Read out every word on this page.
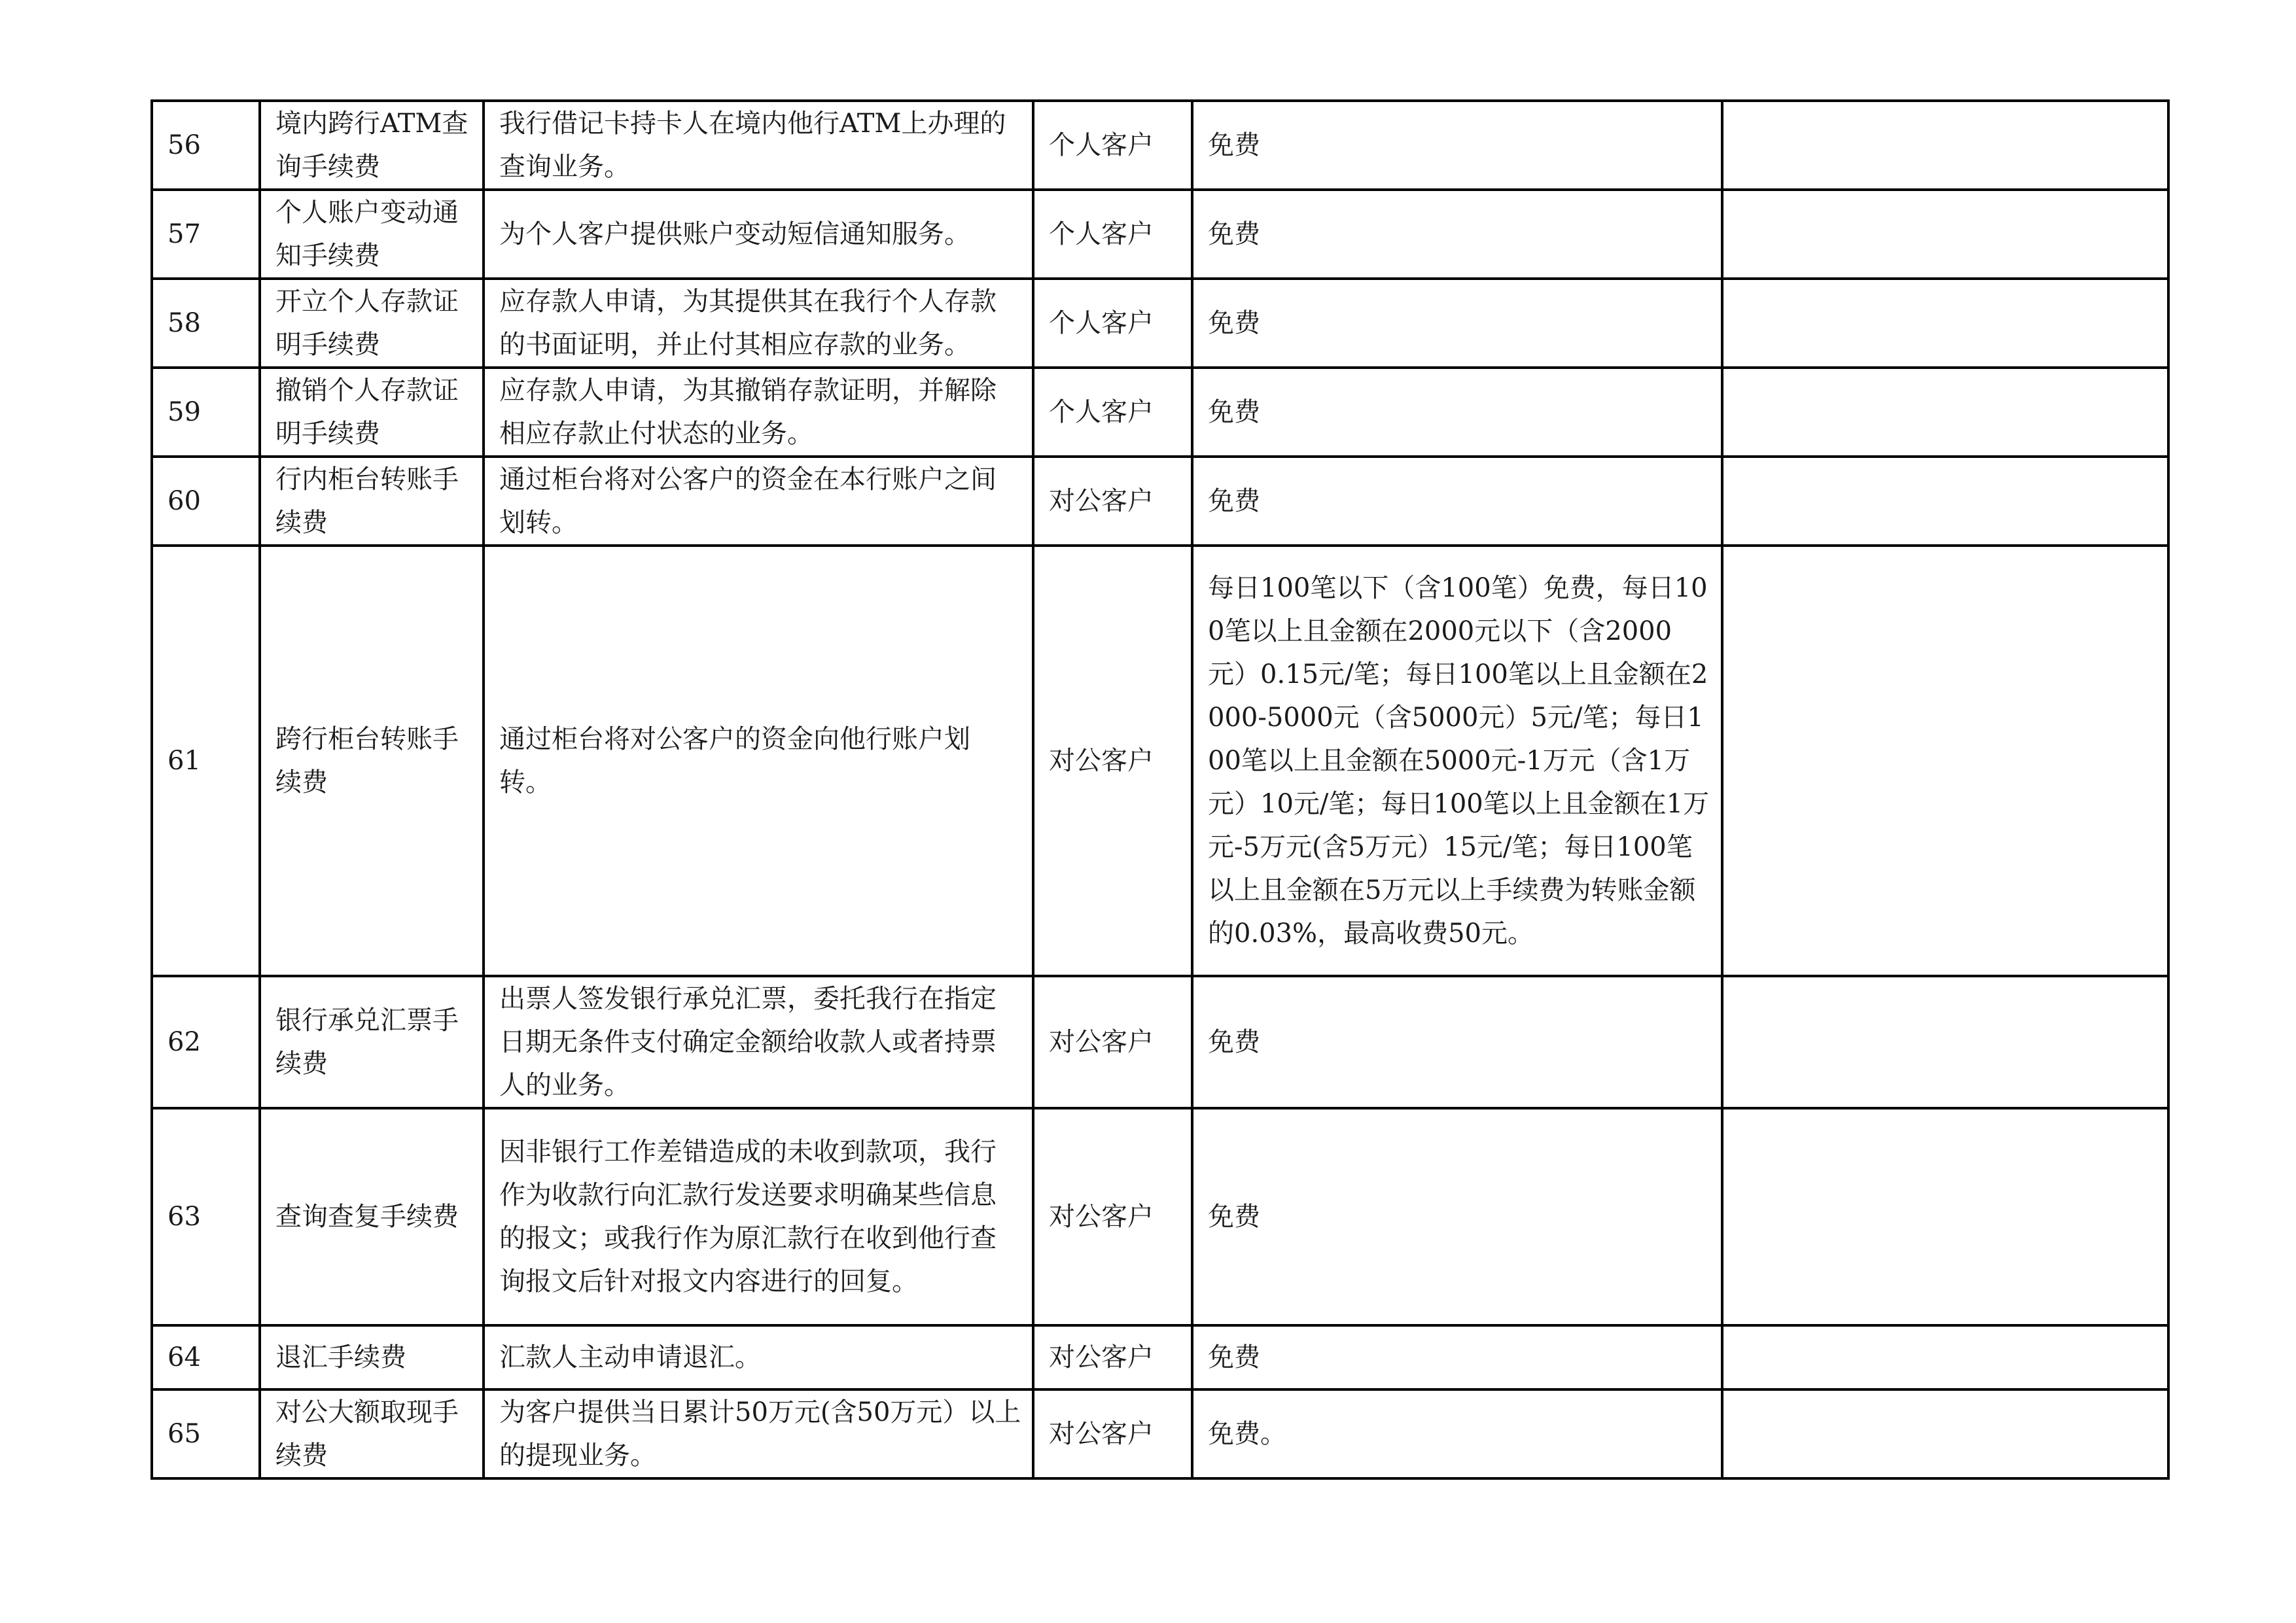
56	境内跨行ATM查询手续费	我行借记卡持卡人在境内他行ATM上办理的查询业务。	个人客户	免费	
57	个人账户变动通知手续费	为个人客户提供账户变动短信通知服务。	个人客户	免费	
58	开立个人存款证明手续费	应存款人申请，为其提供其在我行个人存款的书面证明，并止付其相应存款的业务。	个人客户	免费	
59	撤销个人存款证明手续费	应存款人申请，为其撤销存款证明，并解除相应存款止付状态的业务。	个人客户	免费	
60	行内柜台转账手续费	通过柜台将对公客户的资金在本行账户之间划转。	对公客户	免费	
61	跨行柜台转账手续费	通过柜台将对公客户的资金向他行账户划转。	对公客户	每日100笔以下（含100笔）免费，每日100笔以上且金额在2000元以下（含2000元）0.15元/笔；每日100笔以上且金额在2000-5000元（含5000元）5元/笔；每日100笔以上且金额在5000元-1万元（含1万元）10元/笔；每日100笔以上且金额在1万元-5万元(含5万元）15元/笔；每日100笔以上且金额在5万元以上手续费为转账金额的0.03%，最高收费50元。	
62	银行承兑汇票手续费	出票人签发银行承兑汇票，委托我行在指定日期无条件支付确定金额给收款人或者持票人的业务。	对公客户	免费	
63	查询查复手续费	因非银行工作差错造成的未收到款项，我行作为收款行向汇款行发送要求明确某些信息的报文；或我行作为原汇款行在收到他行查询报文后针对报文内容进行的回复。	对公客户	免费	
64	退汇手续费	汇款人主动申请退汇。	对公客户	免费	
65	对公大额取现手续费	为客户提供当日累计50万元(含50万元）以上的提现业务。	对公客户	免费。	
